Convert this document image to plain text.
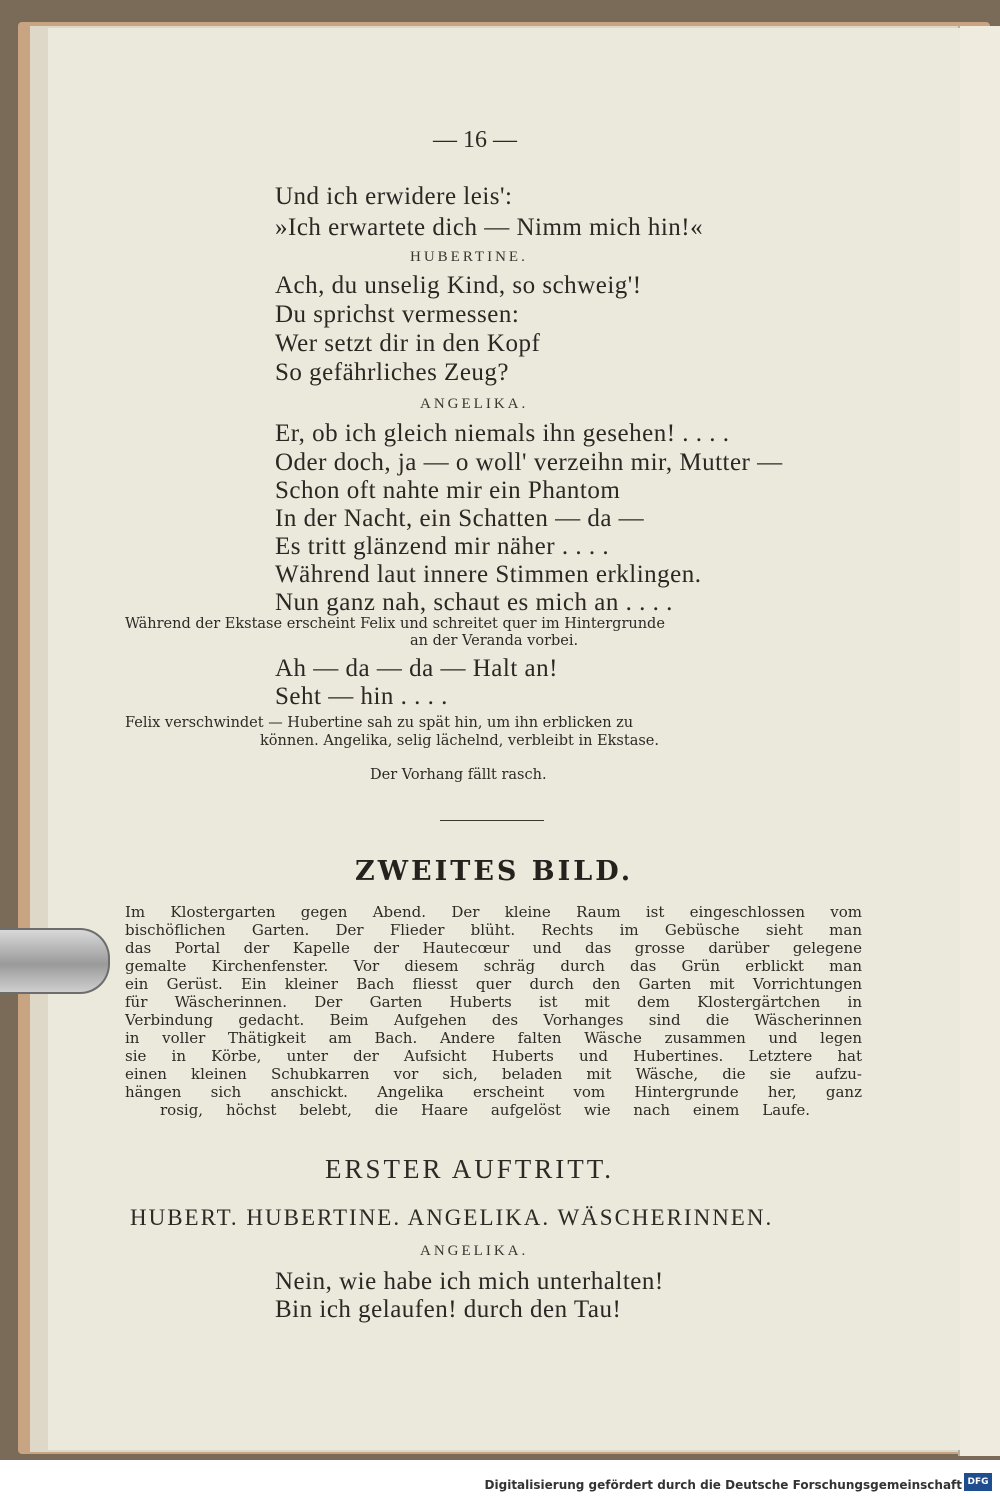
— 16 —

Und ich erwidere leis':

»Ich erwartete dich — Nimm mich hin!«

HUBERTINE.

Ach, du unselig Kind, so schweig'!

Du sprichst vermessen:

Wer setzt dir in den Kopf

So gefährliches Zeug?

ANGELIKA.

Er, ob ich gleich niemals ihn gesehen! . . . .

Oder doch, ja — o woll' verzeihn mir, Mutter —

Schon oft nahte mir ein Phantom

In der Nacht, ein Schatten — da —

Es tritt glänzend mir näher . . . .

Während laut innere Stimmen erklingen.

Nun ganz nah, schaut es mich an . . . .

Während der Ekstase erscheint Felix und schreitet quer im Hintergrunde

an der Veranda vorbei.

Ah — da — da — Halt an!

Seht — hin . . . .

Felix verschwindet — Hubertine sah zu spät hin, um ihn erblicken zu

können. Angelika, selig lächelnd, verbleibt in Ekstase.

Der Vorhang fällt rasch.

ZWEITES BILD.

Im Klostergarten gegen Abend. Der kleine Raum ist eingeschlossen vom

bischöflichen Garten. Der Flieder blüht. Rechts im Gebüsche sieht man

das Portal der Kapelle der Hautecœur und das grosse darüber gelegene

gemalte Kirchenfenster. Vor diesem schräg durch das Grün erblickt man

ein Gerüst. Ein kleiner Bach fliesst quer durch den Garten mit Vorrichtungen

für Wäscherinnen. Der Garten Huberts ist mit dem Klostergärtchen in

Verbindung gedacht. Beim Aufgehen des Vorhanges sind die Wäscherinnen

in voller Thätigkeit am Bach. Andere falten Wäsche zusammen und legen

sie in Körbe, unter der Aufsicht Huberts und Hubertines. Letztere hat

einen kleinen Schubkarren vor sich, beladen mit Wäsche, die sie aufzu-

hängen sich anschickt. Angelika erscheint vom Hintergrunde her, ganz

rosig, höchst belebt, die Haare aufgelöst wie nach einem Laufe.

ERSTER AUFTRITT.

HUBERT. HUBERTINE. ANGELIKA. WÄSCHERINNEN.

ANGELIKA.

Nein, wie habe ich mich unterhalten!

Bin ich gelaufen! durch den Tau!

Digitalisierung gefördert durch die Deutsche Forschungsgemeinschaft DFG
